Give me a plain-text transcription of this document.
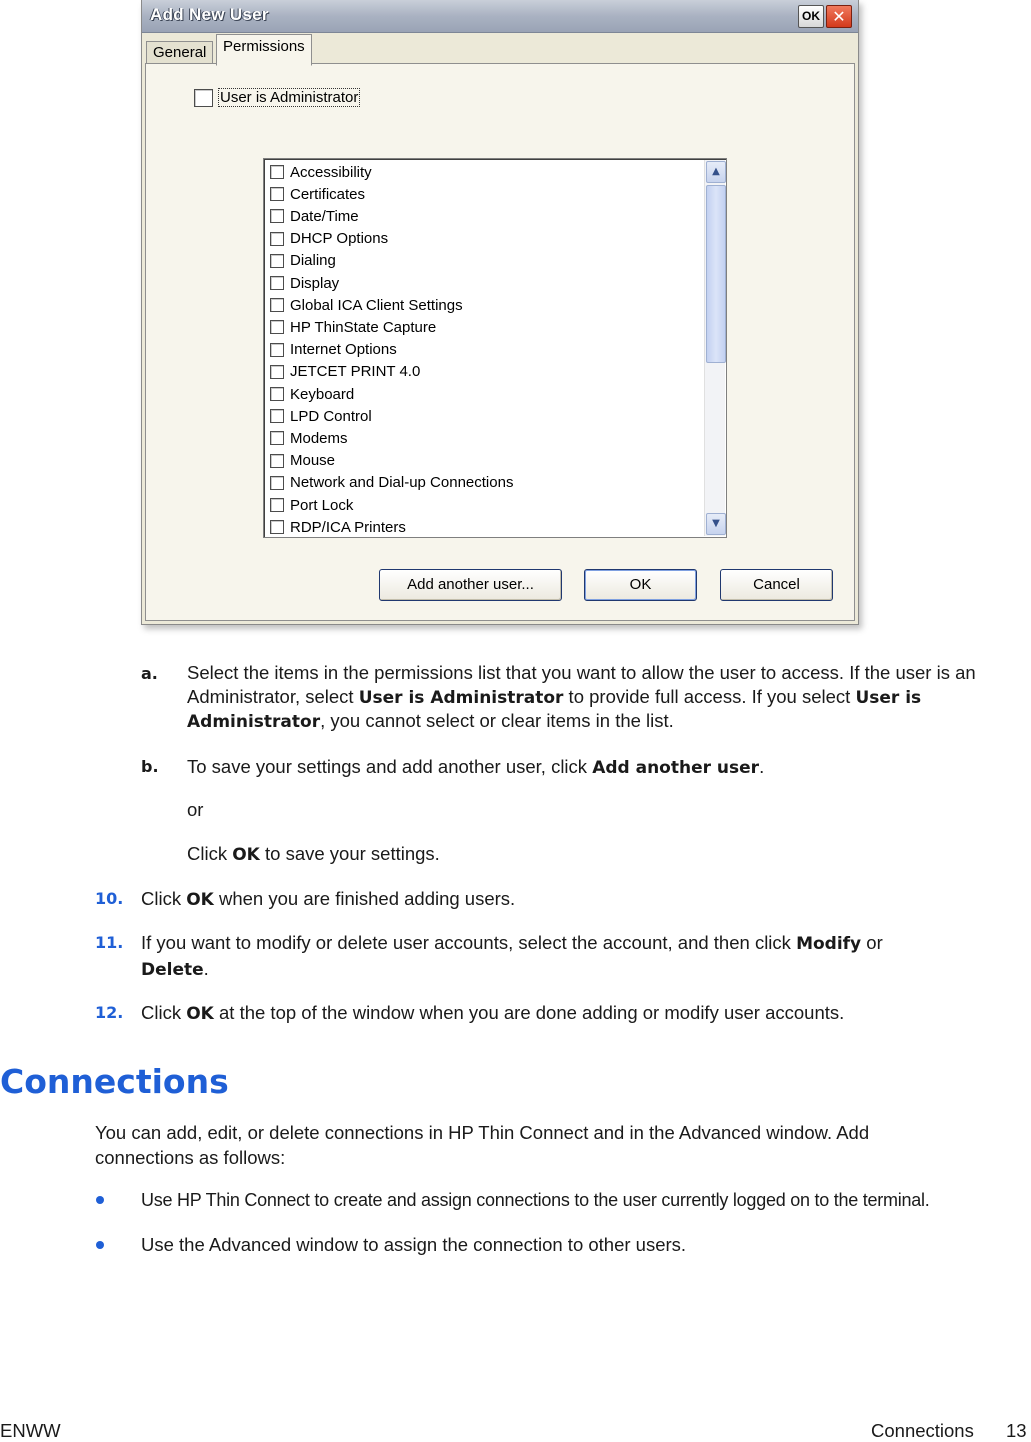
Add New User	OK ✕
General	Permissions
User is Administrator
Accessibility
Certificates
Date/Time
DHCP Options
Dialing
Display
Global ICA Client Settings
HP ThinState Capture
Internet Options
JETCET PRINT 4.0
Keyboard
LPD Control
Modems
Mouse
Network and Dial-up Connections
Port Lock
RDP/ICA Printers
▲
▼
Add another user...	OK	Cancel
a. Select the items in the permissions list that you want to allow the user to access. If the user is an
Administrator, select User is Administrator to provide full access. If you select User is
Administrator, you cannot select or clear items in the list.
b. To save your settings and add another user, click Add another user.
or
Click OK to save your settings.
10. Click OK when you are finished adding users.
11. If you want to modify or delete user accounts, select the account, and then click Modify or
Delete.
12. Click OK at the top of the window when you are done adding or modify user accounts.
Connections
You can add, edit, or delete connections in HP Thin Connect and in the Advanced window. Add
connections as follows:
Use HP Thin Connect to create and assign connections to the user currently logged on to the terminal.
Use the Advanced window to assign the connection to other users.
ENWW	Connections 13
